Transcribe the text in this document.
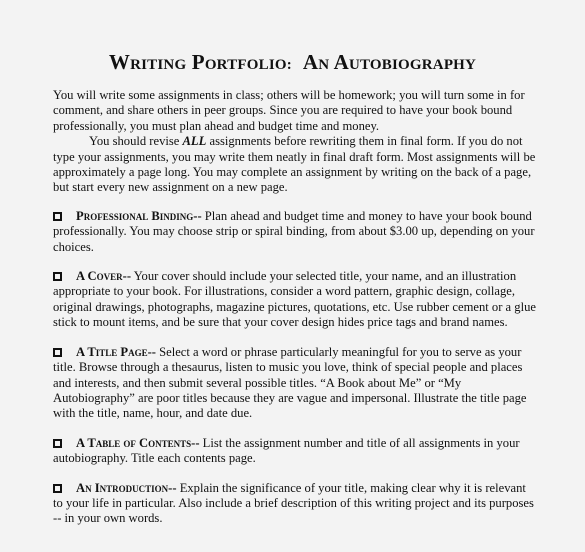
WRITING PORTFOLIO: AN AUTOBIOGRAPHY

You will write some assignments in class; others will be homework; you will turn some in for comment, and share others in peer groups. Since you are required to have your book bound professionally, you must plan ahead and budget time and money.

You should revise ALL assignments before rewriting them in final form. If you do not type your assignments, you may write them neatly in final draft form. Most assignments will be approximately a page long. You may complete an assignment by writing on the back of a page, but start every new assignment on a new page.

Professional Binding-- Plan ahead and budget time and money to have your book bound professionally. You may choose strip or spiral binding, from about $3.00 up, depending on your choices.

A Cover-- Your cover should include your selected title, your name, and an illustration appropriate to your book. For illustrations, consider a word pattern, graphic design, collage, original drawings, photographs, magazine pictures, quotations, etc. Use rubber cement or a glue stick to mount items, and be sure that your cover design hides price tags and brand names.

A Title Page-- Select a word or phrase particularly meaningful for you to serve as your title. Browse through a thesaurus, listen to music you love, think of special people and places and interests, and then submit several possible titles. “A Book about Me” or “My Autobiography” are poor titles because they are vague and impersonal. Illustrate the title page with the title, name, hour, and date due.

A Table of Contents-- List the assignment number and title of all assignments in your autobiography. Title each contents page.

An Introduction-- Explain the significance of your title, making clear why it is relevant to your life in particular. Also include a brief description of this writing project and its purposes -- in your own words.
